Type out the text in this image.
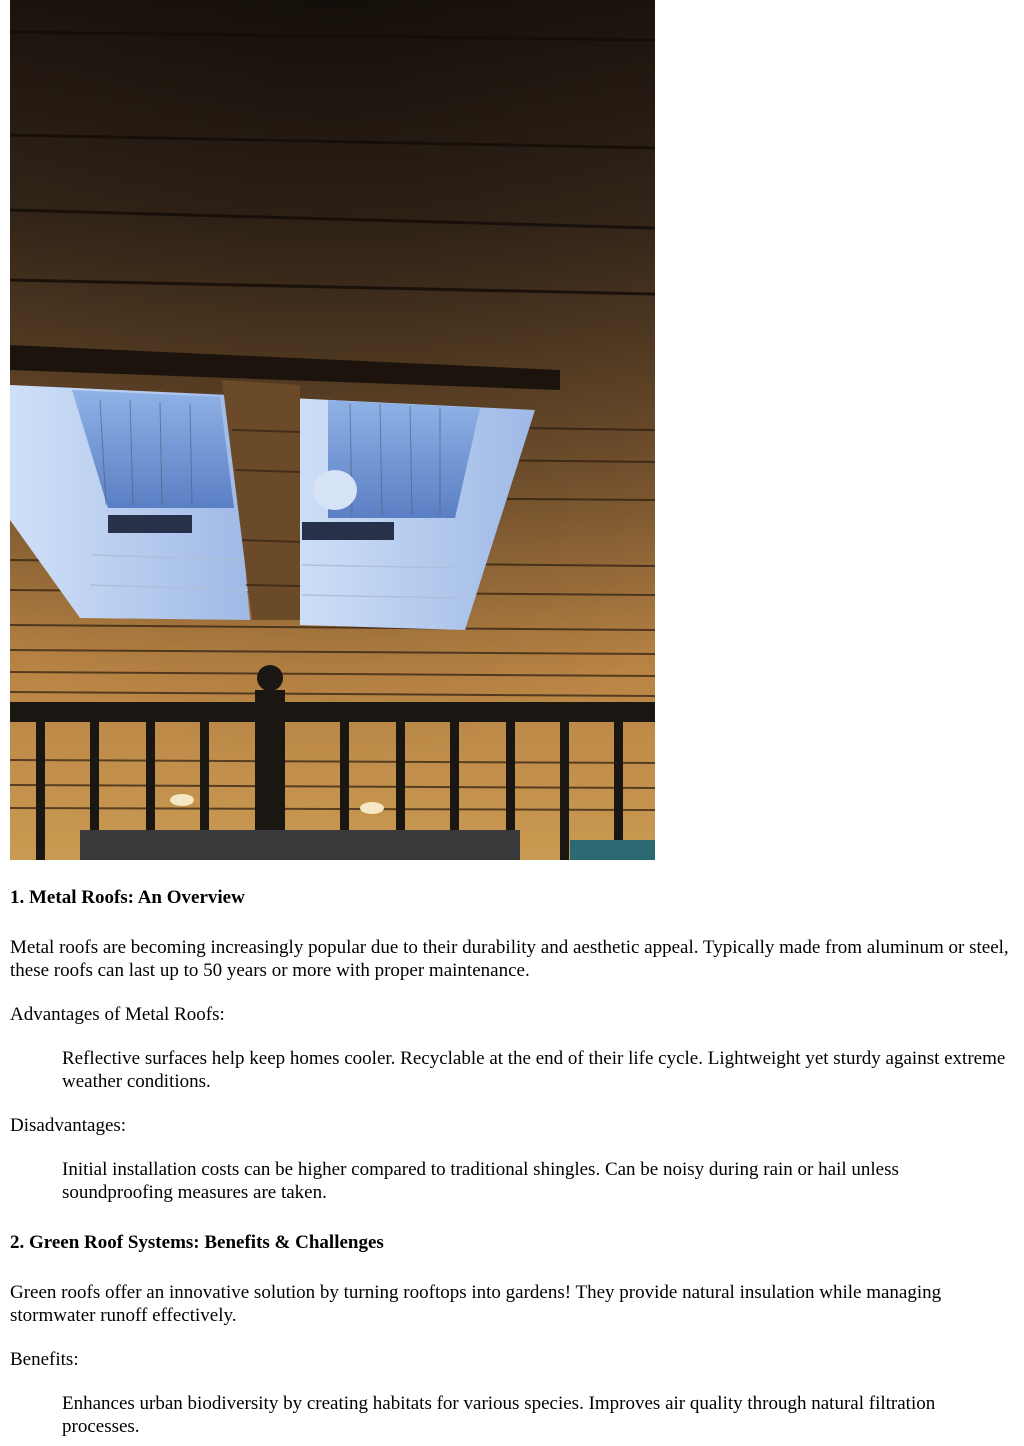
1. Metal Roofs: An Overview

Metal roofs are becoming increasingly popular due to their durability and aesthetic appeal. Typically made from aluminum or steel, these roofs can last up to 50 years or more with proper maintenance.

Advantages of Metal Roofs:

Reflective surfaces help keep homes cooler. Recyclable at the end of their life cycle. Lightweight yet sturdy against extreme weather conditions.

Disadvantages:

Initial installation costs can be higher compared to traditional shingles. Can be noisy during rain or hail unless soundproofing measures are taken.
2. Green Roof Systems: Benefits & Challenges

Green roofs offer an innovative solution by turning rooftops into gardens! They provide natural insulation while managing stormwater runoff effectively.

Benefits:

Enhances urban biodiversity by creating habitats for various species. Improves air quality through natural filtration processes.
